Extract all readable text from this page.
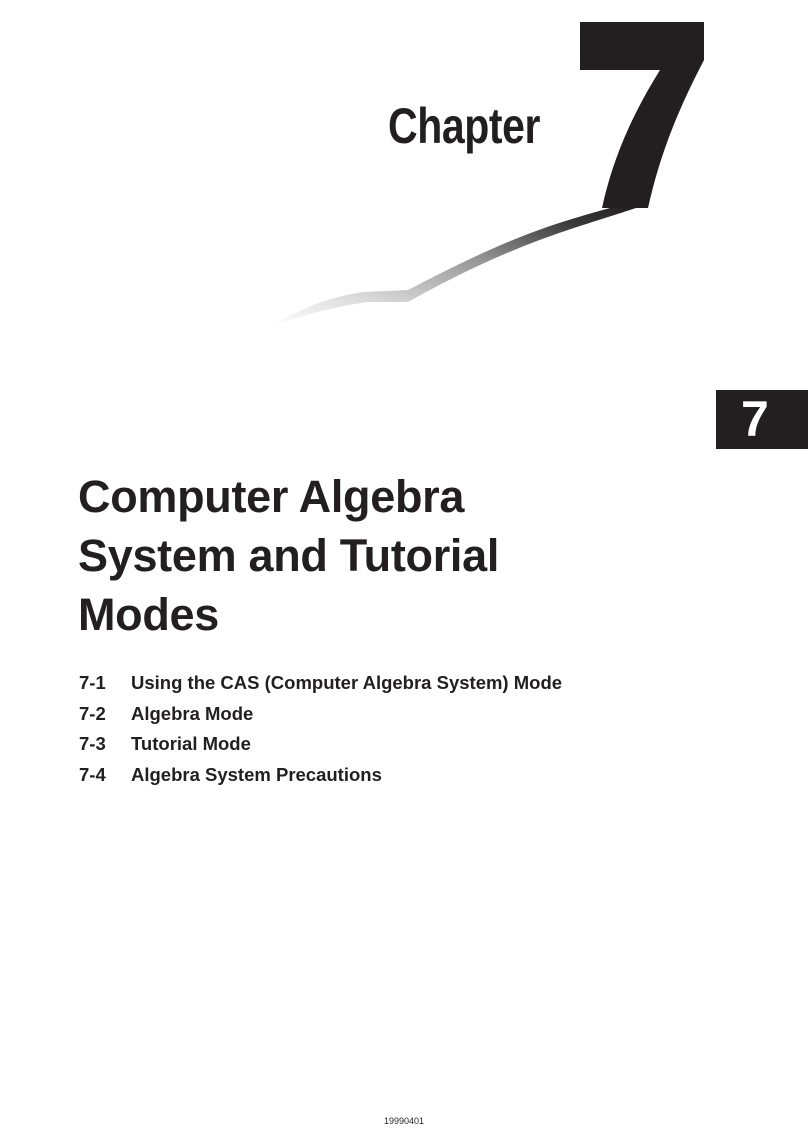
Chapter
7
Computer Algebra
System and Tutorial
Modes
7-1 Using the CAS (Computer Algebra System) Mode
7-2 Algebra Mode
7-3 Tutorial Mode
7-4 Algebra System Precautions
19990401
